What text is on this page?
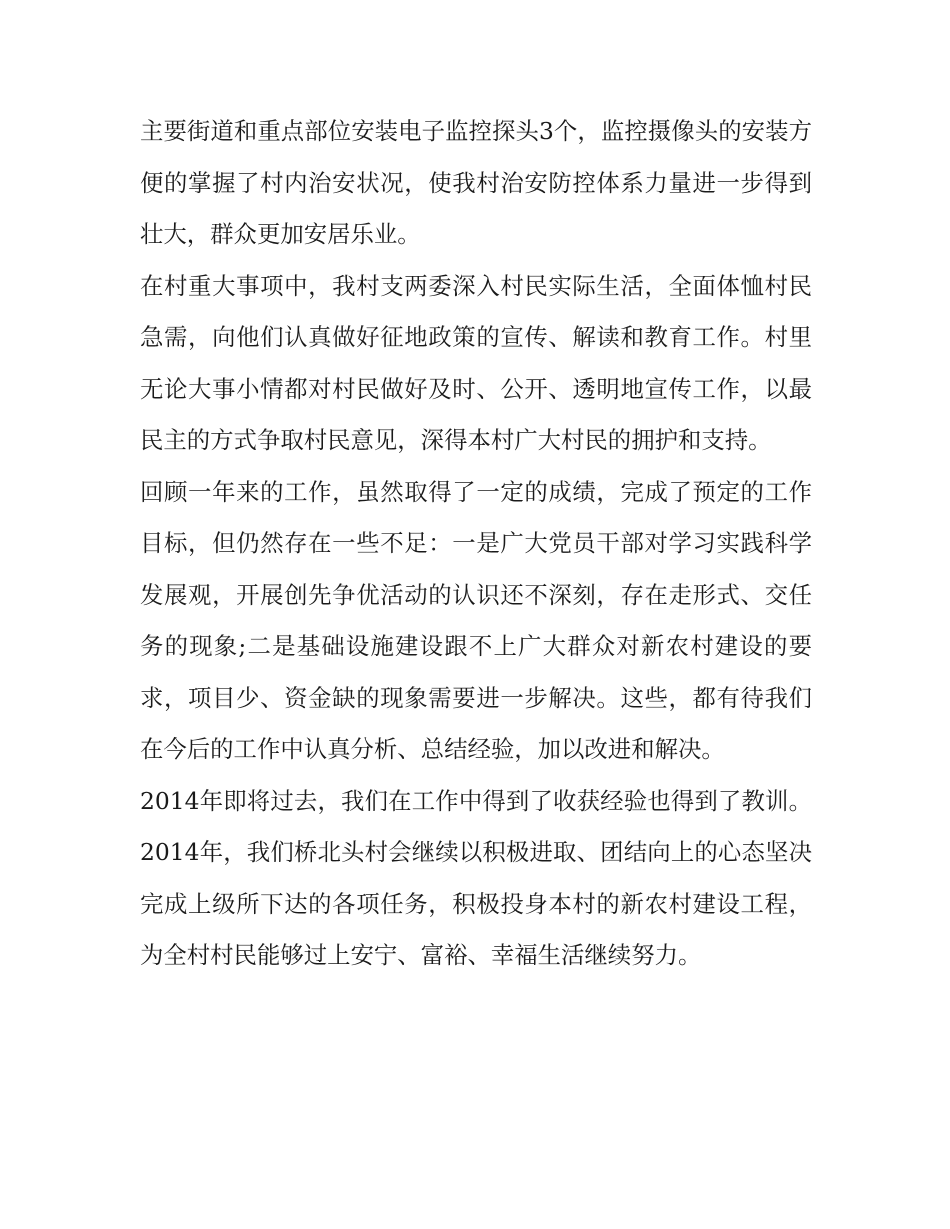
主要街道和重点部位安装电子监控探头3个，监控摄像头的安装方便的掌握了村内治安状况，使我村治安防控体系力量进一步得到壮大，群众更加安居乐业。

在村重大事项中，我村支两委深入村民实际生活，全面体恤村民急需，向他们认真做好征地政策的宣传、解读和教育工作。村里无论大事小情都对村民做好及时、公开、透明地宣传工作，以最民主的方式争取村民意见，深得本村广大村民的拥护和支持。

回顾一年来的工作，虽然取得了一定的成绩，完成了预定的工作目标，但仍然存在一些不足：一是广大党员干部对学习实践科学发展观，开展创先争优活动的认识还不深刻，存在走形式、交任务的现象;二是基础设施建设跟不上广大群众对新农村建设的要求，项目少、资金缺的现象需要进一步解决。这些，都有待我们在今后的工作中认真分析、总结经验，加以改进和解决。

2014年即将过去，我们在工作中得到了收获经验也得到了教训。2014年，我们桥北头村会继续以积极进取、团结向上的心态坚决完成上级所下达的各项任务，积极投身本村的新农村建设工程，为全村村民能够过上安宁、富裕、幸福生活继续努力。
